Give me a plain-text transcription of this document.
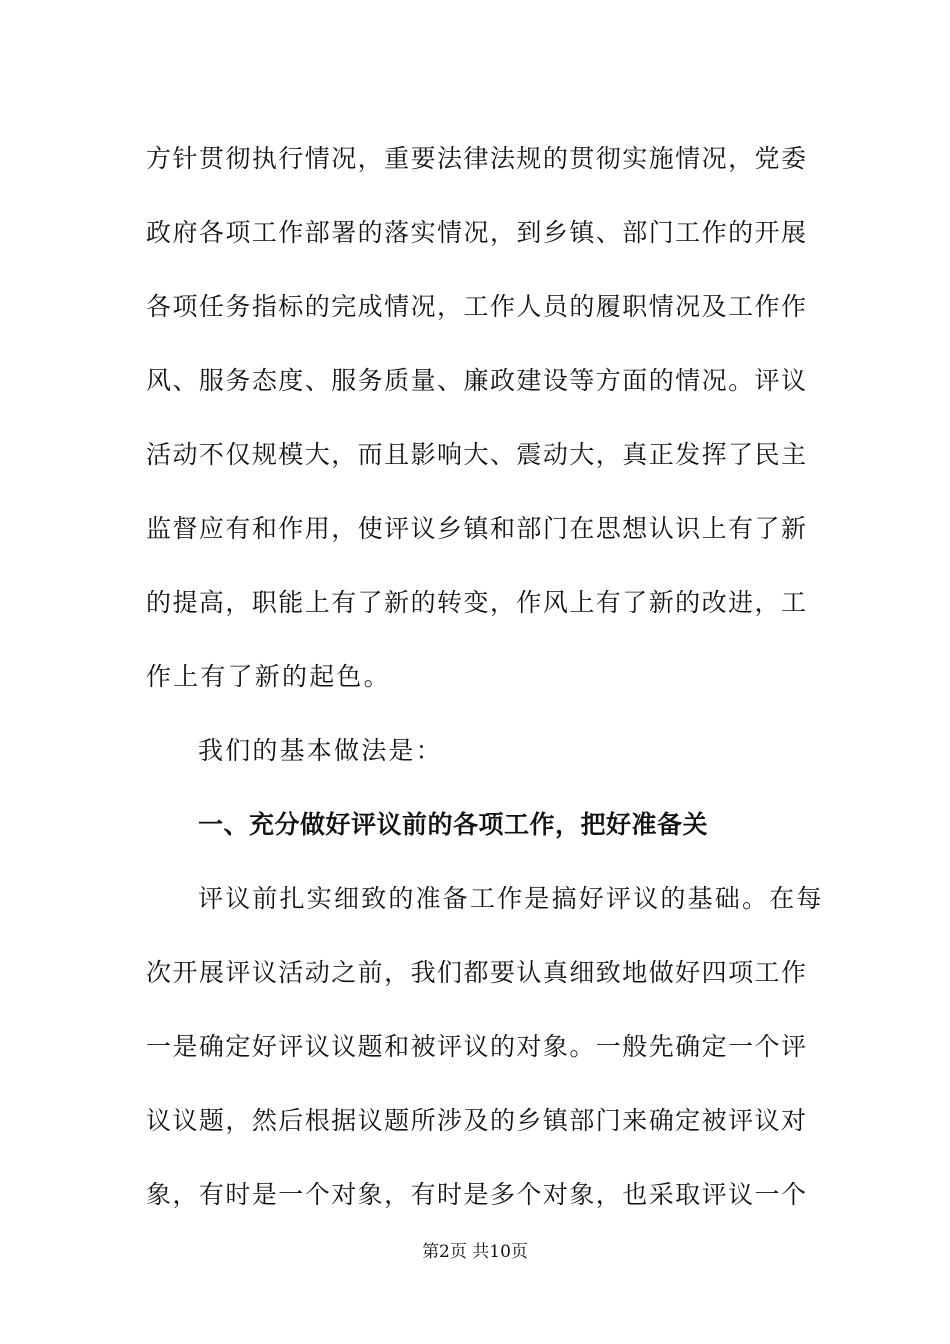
方针贯彻执行情况，重要法律法规的贯彻实施情况，党委
政府各项工作部署的落实情况，到乡镇、部门工作的开展
各项任务指标的完成情况，工作人员的履职情况及工作作
风、服务态度、服务质量、廉政建设等方面的情况。评议
活动不仅规模大，而且影响大、震动大，真正发挥了民主
监督应有和作用，使评议乡镇和部门在思想认识上有了新
的提高，职能上有了新的转变，作风上有了新的改进，工
作上有了新的起色。
我们的基本做法是：
一、充分做好评议前的各项工作，把好准备关
评议前扎实细致的准备工作是搞好评议的基础。在每
次开展评议活动之前，我们都要认真细致地做好四项工作
一是确定好评议议题和被评议的对象。一般先确定一个评
议议题，然后根据议题所涉及的乡镇部门来确定被评议对
象，有时是一个对象，有时是多个对象，也采取评议一个
第2页 共10页
